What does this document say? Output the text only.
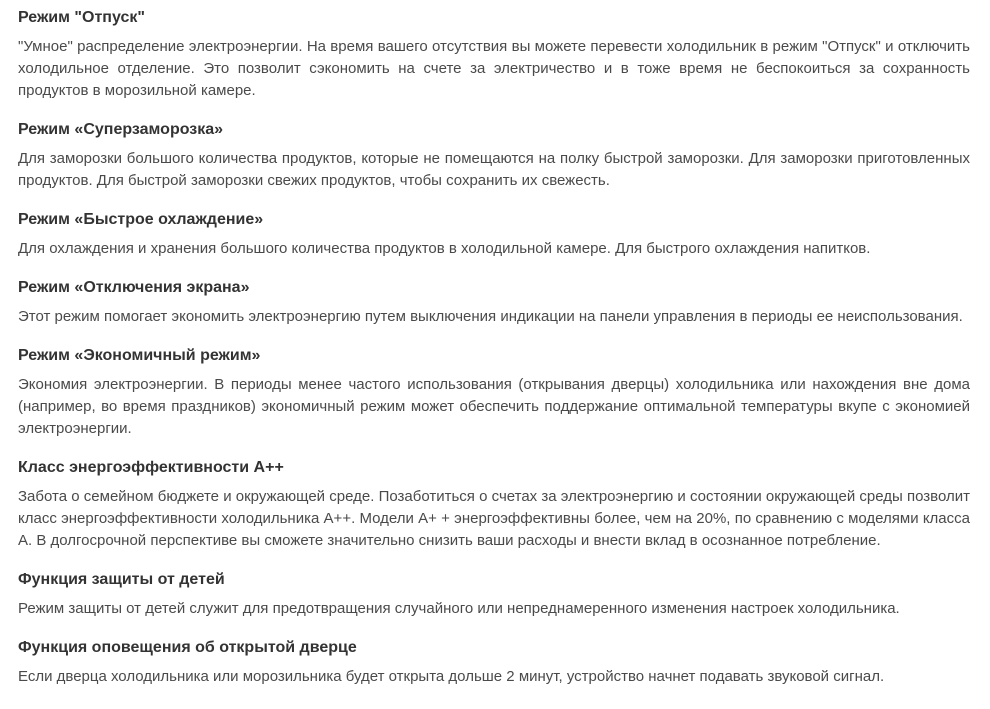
Режим "Отпуск"

"Умное" распределение электроэнергии. На время вашего отсутствия вы можете перевести холодильник в режим "Отпуск" и отключить холодильное отделение. Это позволит сэкономить на счете за электричество и в тоже время не беспокоиться за сохранность продуктов в морозильной камере.

Режим «Суперзаморозка»

Для заморозки большого количества продуктов, которые не помещаются на полку быстрой заморозки. Для заморозки приготовленных продуктов. Для быстрой заморозки свежих продуктов, чтобы сохранить их свежесть.

Режим «Быстрое охлаждение»

Для охлаждения и хранения большого количества продуктов в холодильной камере. Для быстрого охлаждения напитков.

Режим «Отключения экрана»

Этот режим помогает экономить электроэнергию путем выключения индикации на панели управления в периоды ее неиспользования.

Режим «Экономичный режим»

Экономия электроэнергии. В периоды менее частого использования (открывания дверцы) холодильника или нахождения вне дома (например, во время праздников) экономичный режим может обеспечить поддержание оптимальной температуры вкупе с экономией электроэнергии.

Класс энергоэффективности А++

Забота о семейном бюджете и окружающей среде. Позаботиться о счетах за электроэнергию и состоянии окружающей среды позволит класс энергоэффективности холодильника А++. Модели А+ + энергоэффективны более, чем на 20%, по сравнению с моделями класса А. В долгосрочной перспективе вы сможете значительно снизить ваши расходы и внести вклад в осознанное потребление.

Функция защиты от детей

Режим защиты от детей служит для предотвращения случайного или непреднамеренного изменения настроек холодильника.

Функция оповещения об открытой дверце

Если дверца холодильника или морозильника будет открыта дольше 2 минут, устройство начнет подавать звуковой сигнал.
